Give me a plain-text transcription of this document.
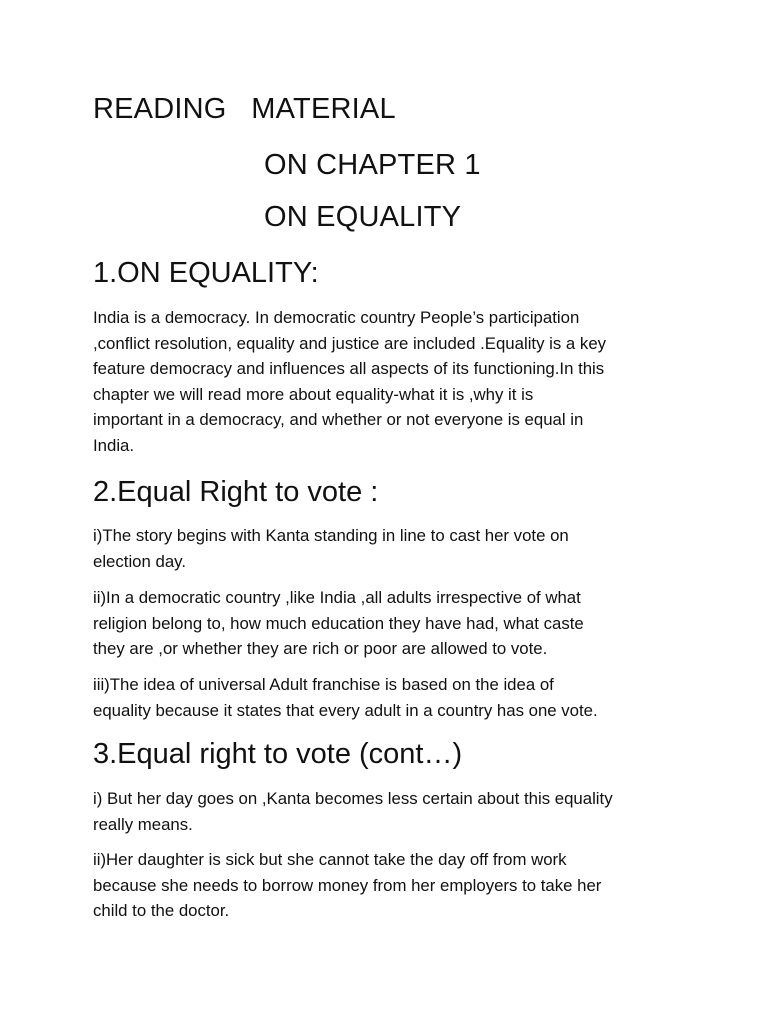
READING   MATERIAL
ON CHAPTER 1
ON EQUALITY
1.ON EQUALITY:
India is a democracy. In democratic country People’s participation
,conflict resolution, equality and justice are included .Equality is a key
feature democracy and influences all aspects of its functioning.In this
chapter we will read more about equality-what it is ,why it is
important in a democracy, and whether or not everyone is equal in
India.
2.Equal Right to vote :
i)The story begins with Kanta standing in line to cast her vote on
election day.
ii)In a democratic country ,like India ,all adults irrespective of what
religion belong to, how much education they have had, what caste
they are ,or whether they are rich or poor are allowed to vote.
iii)The idea of universal Adult franchise is based on the idea of
equality because it states that every adult in a country has one vote.
3.Equal right to vote (cont…)
i) But her day goes on ,Kanta becomes less certain about this equality
really means.
ii)Her daughter is sick but she cannot take the day off from work
because she needs to borrow money from her employers to take her
child to the doctor.
